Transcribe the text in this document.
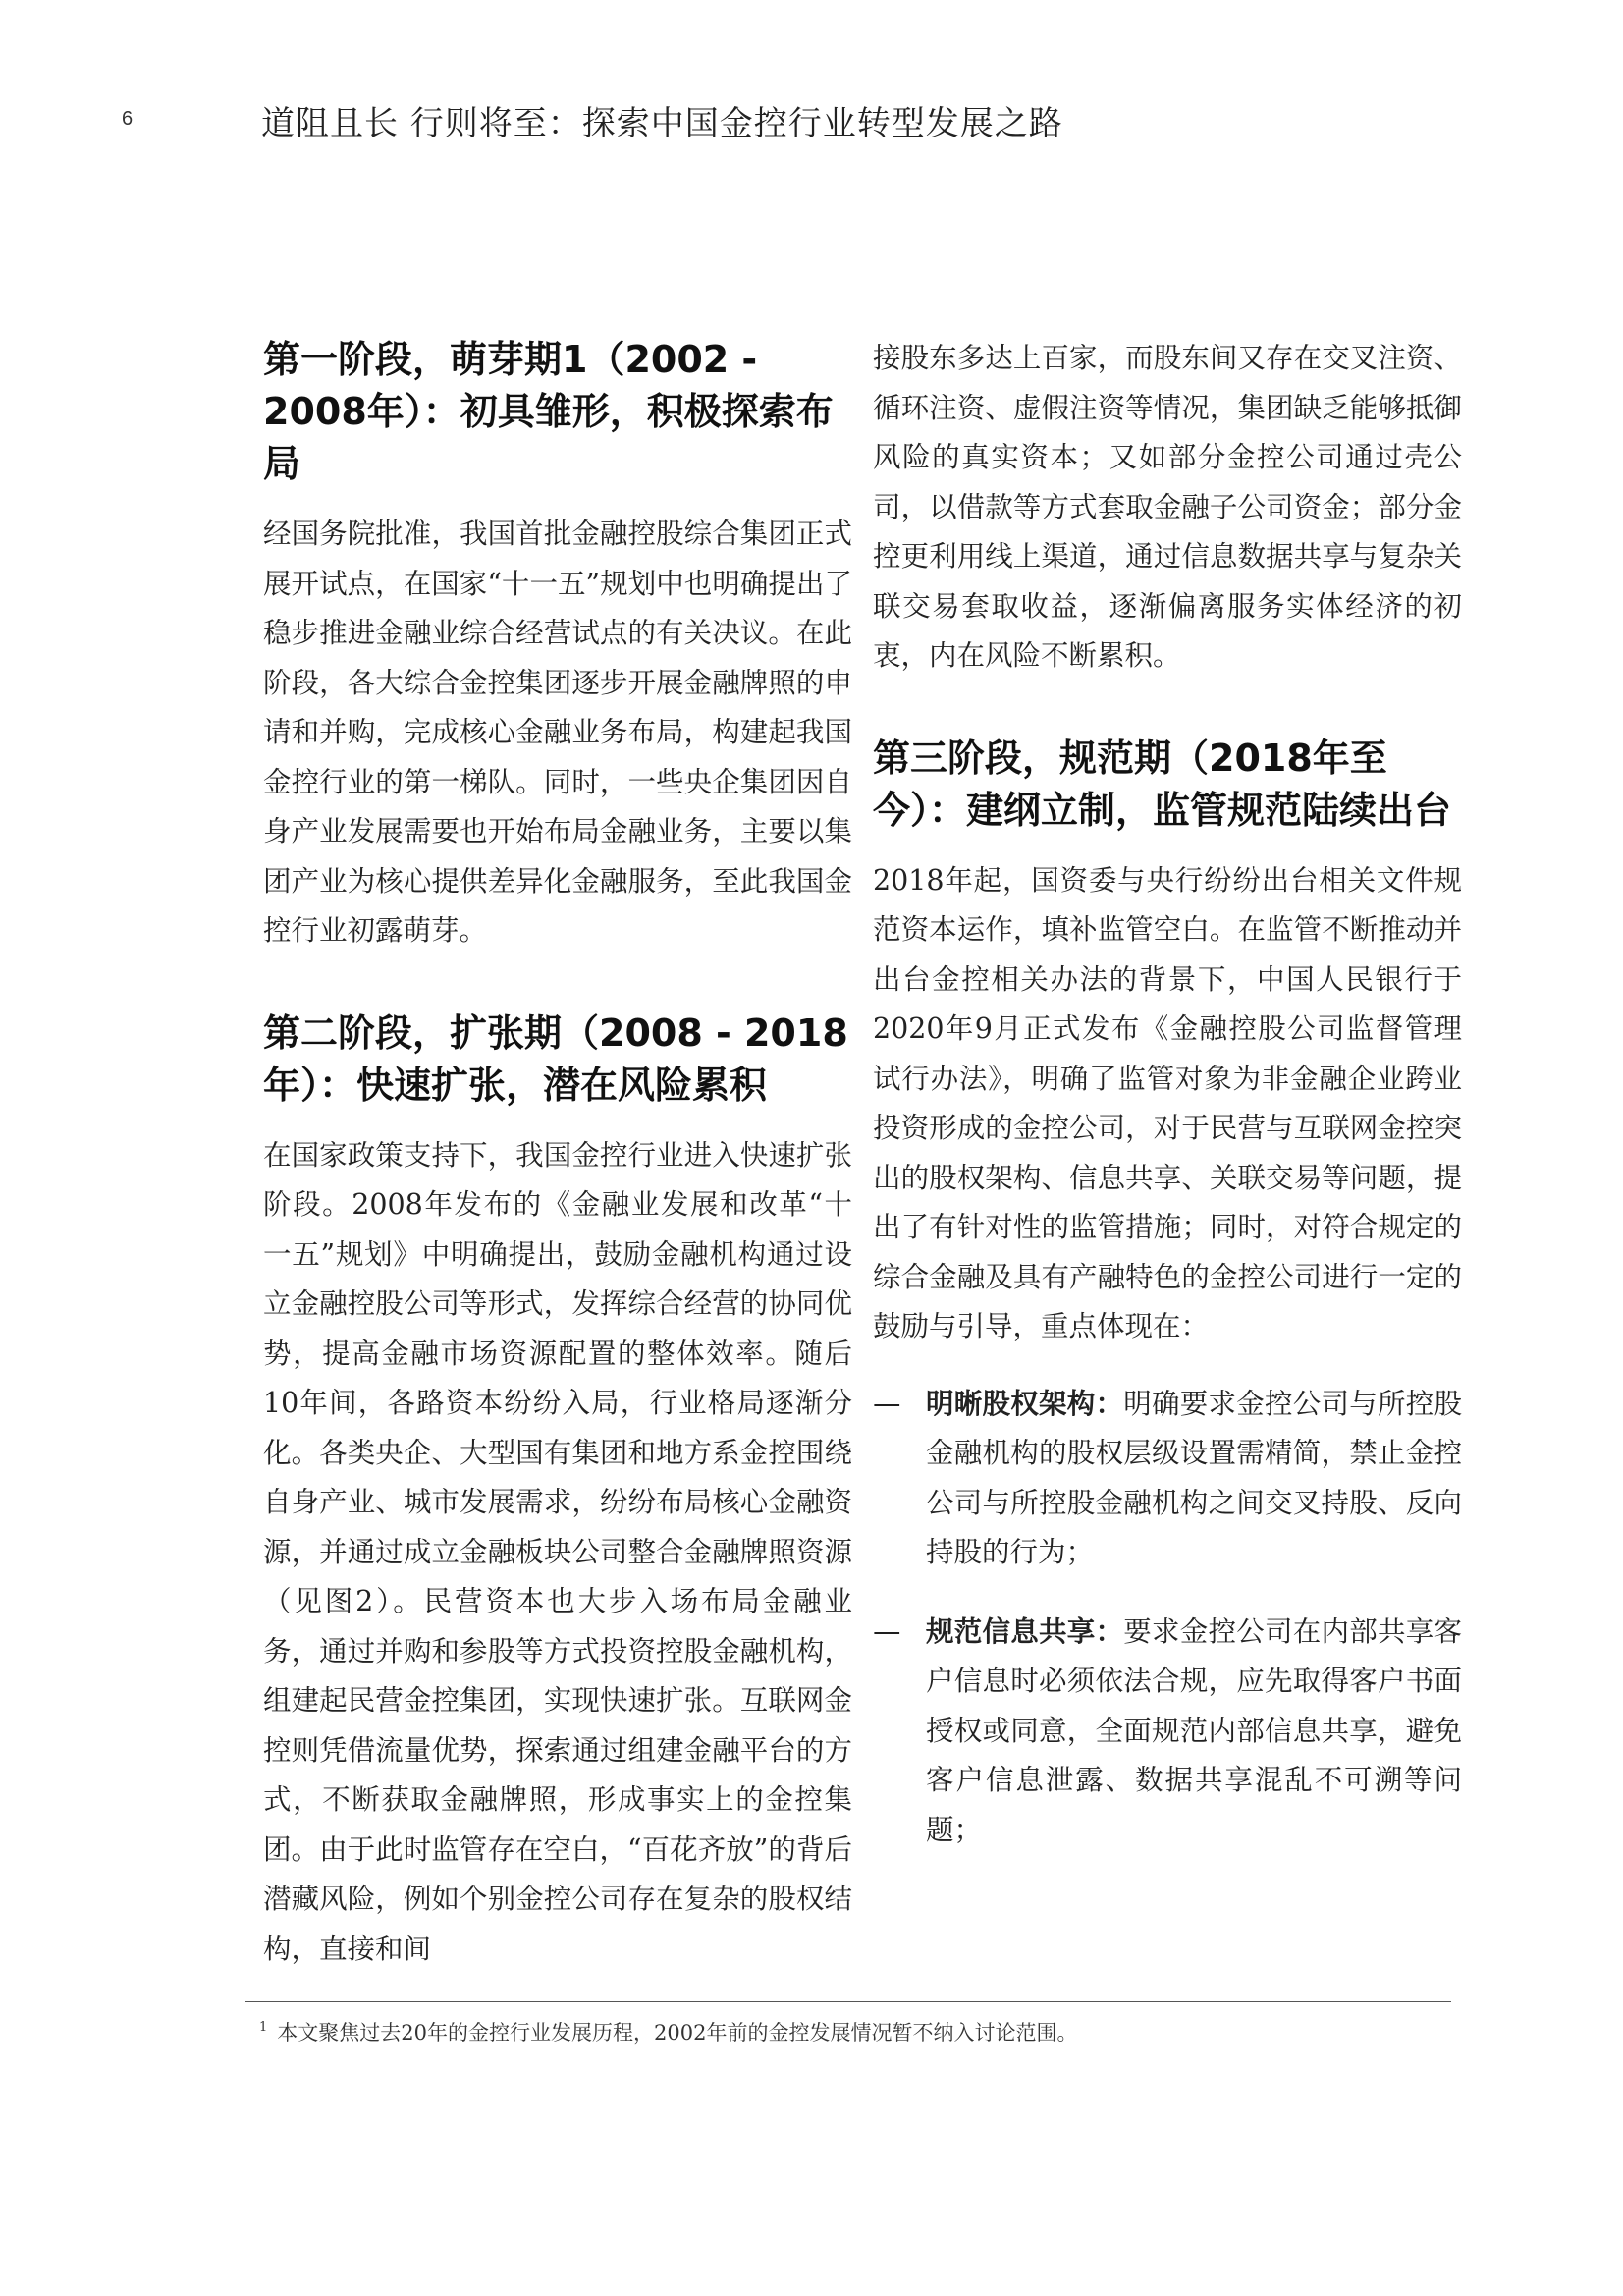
6	道阻且长 行则将至：探索中国金控行业转型发展之路
第一阶段，萌芽期1（2002 - 2008年）：初具雏形，积极探索布局

经国务院批准，我国首批金融控股综合集团正式展开试点，在国家“十一五”规划中也明确提出了稳步推进金融业综合经营试点的有关决议。在此阶段，各大综合金控集团逐步开展金融牌照的申请和并购，完成核心金融业务布局，构建起我国金控行业的第一梯队。同时，一些央企集团因自身产业发展需要也开始布局金融业务，主要以集团产业为核心提供差异化金融服务，至此我国金控行业初露萌芽。

第二阶段，扩张期（2008 - 2018年）：快速扩张，潜在风险累积

在国家政策支持下，我国金控行业进入快速扩张阶段。2008年发布的《金融业发展和改革“十一五”规划》中明确提出，鼓励金融机构通过设立金融控股公司等形式，发挥综合经营的协同优势，提高金融市场资源配置的整体效率。随后10年间，各路资本纷纷入局，行业格局逐渐分化。各类央企、大型国有集团和地方系金控围绕自身产业、城市发展需求，纷纷布局核心金融资源，并通过成立金融板块公司整合金融牌照资源（见图2）。民营资本也大步入场布局金融业务，通过并购和参股等方式投资控股金融机构，组建起民营金控集团，实现快速扩张。互联网金控则凭借流量优势，探索通过组建金融平台的方式，不断获取金融牌照，形成事实上的金控集团。由于此时监管存在空白，“百花齐放”的背后潜藏风险，例如个别金控公司存在复杂的股权结构，直接和间

接股东多达上百家，而股东间又存在交叉注资、循环注资、虚假注资等情况，集团缺乏能够抵御风险的真实资本；又如部分金控公司通过壳公司，以借款等方式套取金融子公司资金；部分金控更利用线上渠道，通过信息数据共享与复杂关联交易套取收益，逐渐偏离服务实体经济的初衷，内在风险不断累积。

第三阶段，规范期（2018年至今）：建纲立制，监管规范陆续出台

2018年起，国资委与央行纷纷出台相关文件规范资本运作，填补监管空白。在监管不断推动并出台金控相关办法的背景下，中国人民银行于2020年9月正式发布《金融控股公司监督管理试行办法》，明确了监管对象为非金融企业跨业投资形成的金控公司，对于民营与互联网金控突出的股权架构、信息共享、关联交易等问题，提出了有针对性的监管措施；同时，对符合规定的综合金融及具有产融特色的金控公司进行一定的鼓励与引导，重点体现在：

— 明晰股权架构：明确要求金控公司与所控股金融机构的股权层级设置需精简，禁止金控公司与所控股金融机构之间交叉持股、反向持股的行为；

— 规范信息共享：要求金控公司在内部共享客户信息时必须依法合规，应先取得客户书面授权或同意，全面规范内部信息共享，避免客户信息泄露、数据共享混乱不可溯等问题；

$^1$ 本文聚焦过去20年的金控行业发展历程，2002年前的金控发展情况暂不纳入讨论范围。
